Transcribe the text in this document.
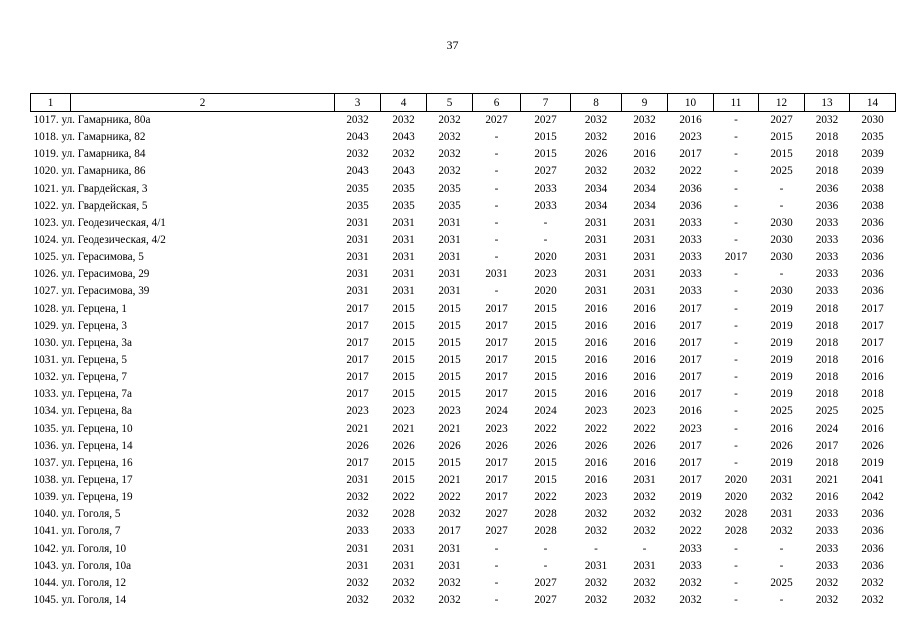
37
1	2	3	4	5	6	7	8	9	10	11	12	13	14
1017. ул. Гамарника, 80а		2032	2032	2032	2027	2027	2032	2032	2016	-	2027	2032	2030
1018. ул. Гамарника, 82		2043	2043	2032	-	2015	2032	2016	2023	-	2015	2018	2035
1019. ул. Гамарника, 84		2032	2032	2032	-	2015	2026	2016	2017	-	2015	2018	2039
1020. ул. Гамарника, 86		2043	2043	2032	-	2027	2032	2032	2022	-	2025	2018	2039
1021. ул. Гвардейская, 3		2035	2035	2035	-	2033	2034	2034	2036	-	-	2036	2038
1022. ул. Гвардейская, 5		2035	2035	2035	-	2033	2034	2034	2036	-	-	2036	2038
1023. ул. Геодезическая, 4/1		2031	2031	2031	-	-	2031	2031	2033	-	2030	2033	2036
1024. ул. Геодезическая, 4/2		2031	2031	2031	-	-	2031	2031	2033	-	2030	2033	2036
1025. ул. Герасимова, 5		2031	2031	2031	-	2020	2031	2031	2033	2017	2030	2033	2036
1026. ул. Герасимова, 29		2031	2031	2031	2031	2023	2031	2031	2033	-	-	2033	2036
1027. ул. Герасимова, 39		2031	2031	2031	-	2020	2031	2031	2033	-	2030	2033	2036
1028. ул. Герцена, 1		2017	2015	2015	2017	2015	2016	2016	2017	-	2019	2018	2017
1029. ул. Герцена, 3		2017	2015	2015	2017	2015	2016	2016	2017	-	2019	2018	2017
1030. ул. Герцена, 3а		2017	2015	2015	2017	2015	2016	2016	2017	-	2019	2018	2017
1031. ул. Герцена, 5		2017	2015	2015	2017	2015	2016	2016	2017	-	2019	2018	2016
1032. ул. Герцена, 7		2017	2015	2015	2017	2015	2016	2016	2017	-	2019	2018	2016
1033. ул. Герцена, 7а		2017	2015	2015	2017	2015	2016	2016	2017	-	2019	2018	2018
1034. ул. Герцена, 8а		2023	2023	2023	2024	2024	2023	2023	2016	-	2025	2025	2025
1035. ул. Герцена, 10		2021	2021	2021	2023	2022	2022	2022	2023	-	2016	2024	2016
1036. ул. Герцена, 14		2026	2026	2026	2026	2026	2026	2026	2017	-	2026	2017	2026
1037. ул. Герцена, 16		2017	2015	2015	2017	2015	2016	2016	2017	-	2019	2018	2019
1038. ул. Герцена, 17		2031	2015	2021	2017	2015	2016	2031	2017	2020	2031	2021	2041
1039. ул. Герцена, 19		2032	2022	2022	2017	2022	2023	2032	2019	2020	2032	2016	2042
1040. ул. Гоголя, 5		2032	2028	2032	2027	2028	2032	2032	2032	2028	2031	2033	2036
1041. ул. Гоголя, 7		2033	2033	2017	2027	2028	2032	2032	2022	2028	2032	2033	2036
1042. ул. Гоголя, 10		2031	2031	2031	-	-	-	-	2033	-	-	2033	2036
1043. ул. Гоголя, 10а		2031	2031	2031	-	-	2031	2031	2033	-	-	2033	2036
1044. ул. Гоголя, 12		2032	2032	2032	-	2027	2032	2032	2032	-	2025	2032	2032
1045. ул. Гоголя, 14		2032	2032	2032	-	2027	2032	2032	2032	-	-	2032	2032
